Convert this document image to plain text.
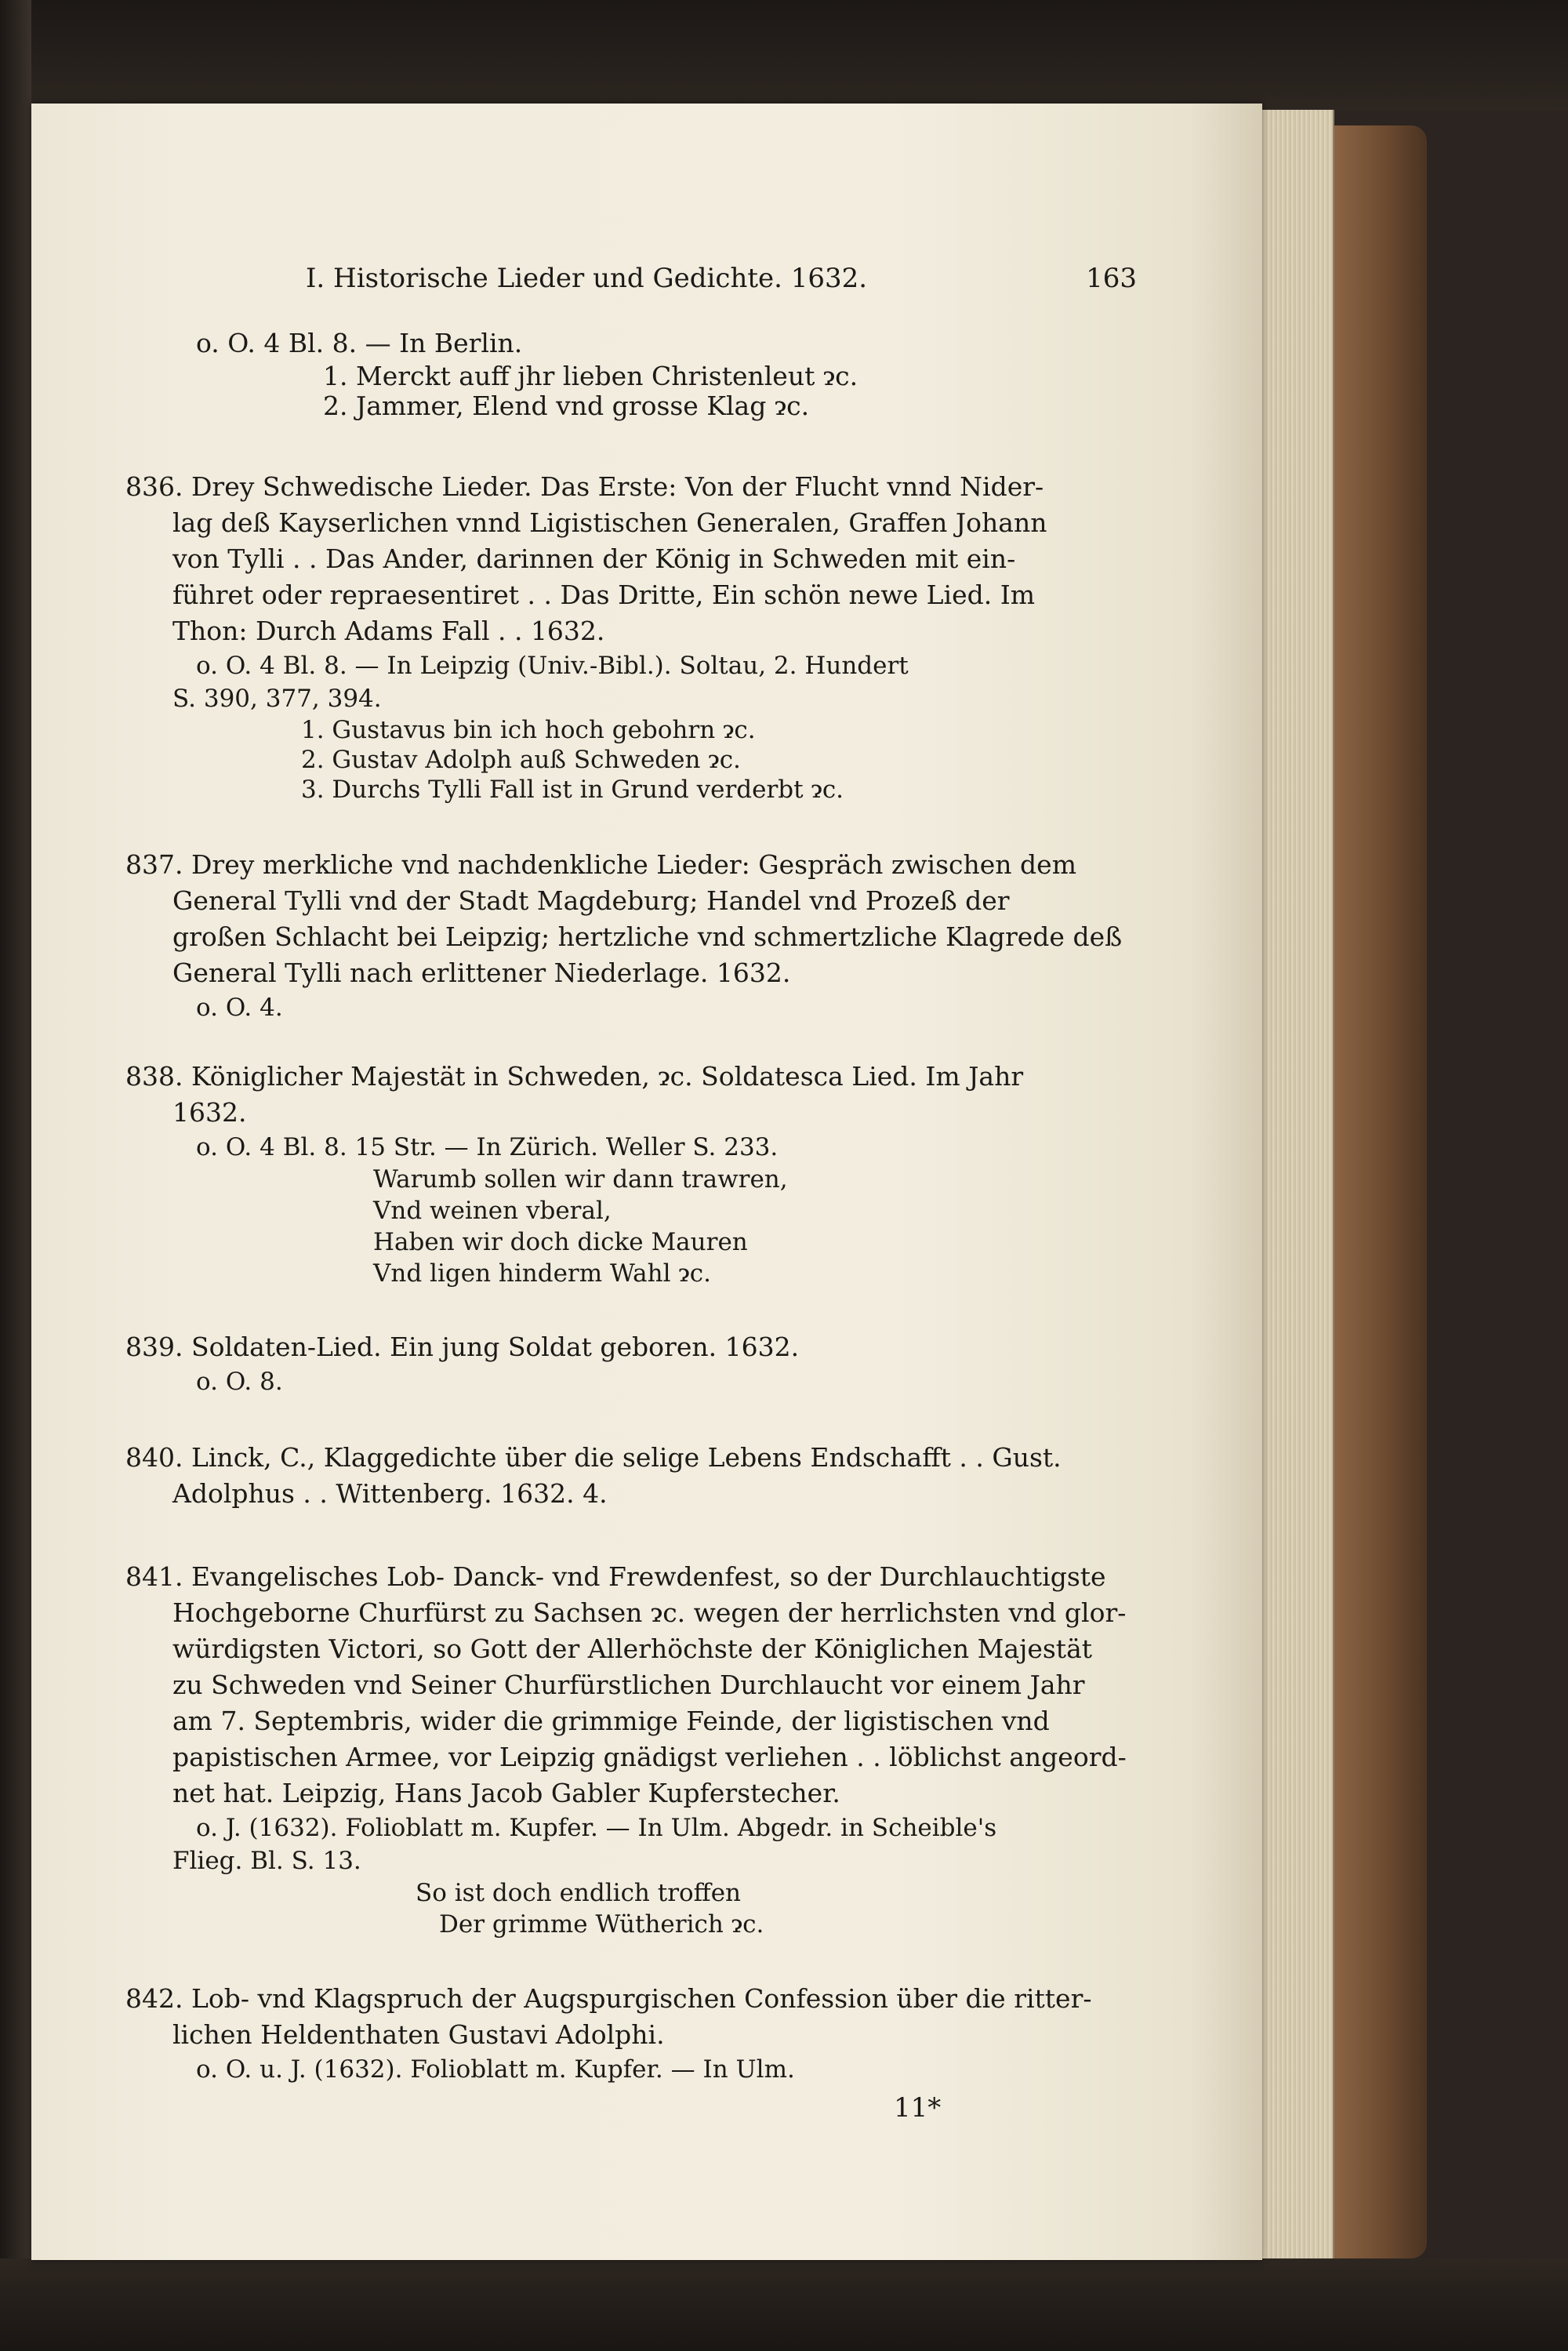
I. Historische Lieder und Gedichte. 1632.	163
o. O. 4 Bl. 8. — In Berlin.
1. Merckt auff jhr lieben Christenleut ɂc.
2. Jammer, Elend vnd grosse Klag ɂc.
836. Drey Schwedische Lieder. Das Erste: Von der Flucht vnnd Nider-
lag deß Kayserlichen vnnd Ligistischen Generalen, Graffen Johann
von Tylli . . Das Ander, darinnen der König in Schweden mit ein-
führet oder repraesentiret . . Das Dritte, Ein schön newe Lied. Im
Thon: Durch Adams Fall . . 1632.
o. O. 4 Bl. 8. — In Leipzig (Univ.-Bibl.). Soltau, 2. Hundert
S. 390, 377, 394.
1. Gustavus bin ich hoch gebohrn ɂc.
2. Gustav Adolph auß Schweden ɂc.
3. Durchs Tylli Fall ist in Grund verderbt ɂc.
837. Drey merkliche vnd nachdenkliche Lieder: Gespräch zwischen dem
General Tylli vnd der Stadt Magdeburg; Handel vnd Prozeß der
großen Schlacht bei Leipzig; hertzliche vnd schmertzliche Klagrede deß
General Tylli nach erlittener Niederlage. 1632.
o. O. 4.
838. Königlicher Majestät in Schweden, ɂc. Soldatesca Lied. Im Jahr
1632.
o. O. 4 Bl. 8. 15 Str. — In Zürich. Weller S. 233.
Warumb sollen wir dann trawren,
Vnd weinen vberal,
Haben wir doch dicke Mauren
Vnd ligen hinderm Wahl ɂc.
839. Soldaten-Lied. Ein jung Soldat geboren. 1632.
o. O. 8.
840. Linck, C., Klaggedichte über die selige Lebens Endschafft . . Gust.
Adolphus . . Wittenberg. 1632. 4.
841. Evangelisches Lob- Danck- vnd Frewdenfest, so der Durchlauchtigste
Hochgeborne Churfürst zu Sachsen ɂc. wegen der herrlichsten vnd glor-
würdigsten Victori, so Gott der Allerhöchste der Königlichen Majestät
zu Schweden vnd Seiner Churfürstlichen Durchlaucht vor einem Jahr
am 7. Septembris, wider die grimmige Feinde, der ligistischen vnd
papistischen Armee, vor Leipzig gnädigst verliehen . . löblichst angeord-
net hat. Leipzig, Hans Jacob Gabler Kupferstecher.
o. J. (1632). Folioblatt m. Kupfer. — In Ulm. Abgedr. in Scheible's
Flieg. Bl. S. 13.
So ist doch endlich troffen
Der grimme Wütherich ɂc.
842. Lob- vnd Klagspruch der Augspurgischen Confession über die ritter-
lichen Heldenthaten Gustavi Adolphi.
o. O. u. J. (1632). Folioblatt m. Kupfer. — In Ulm.
11*
